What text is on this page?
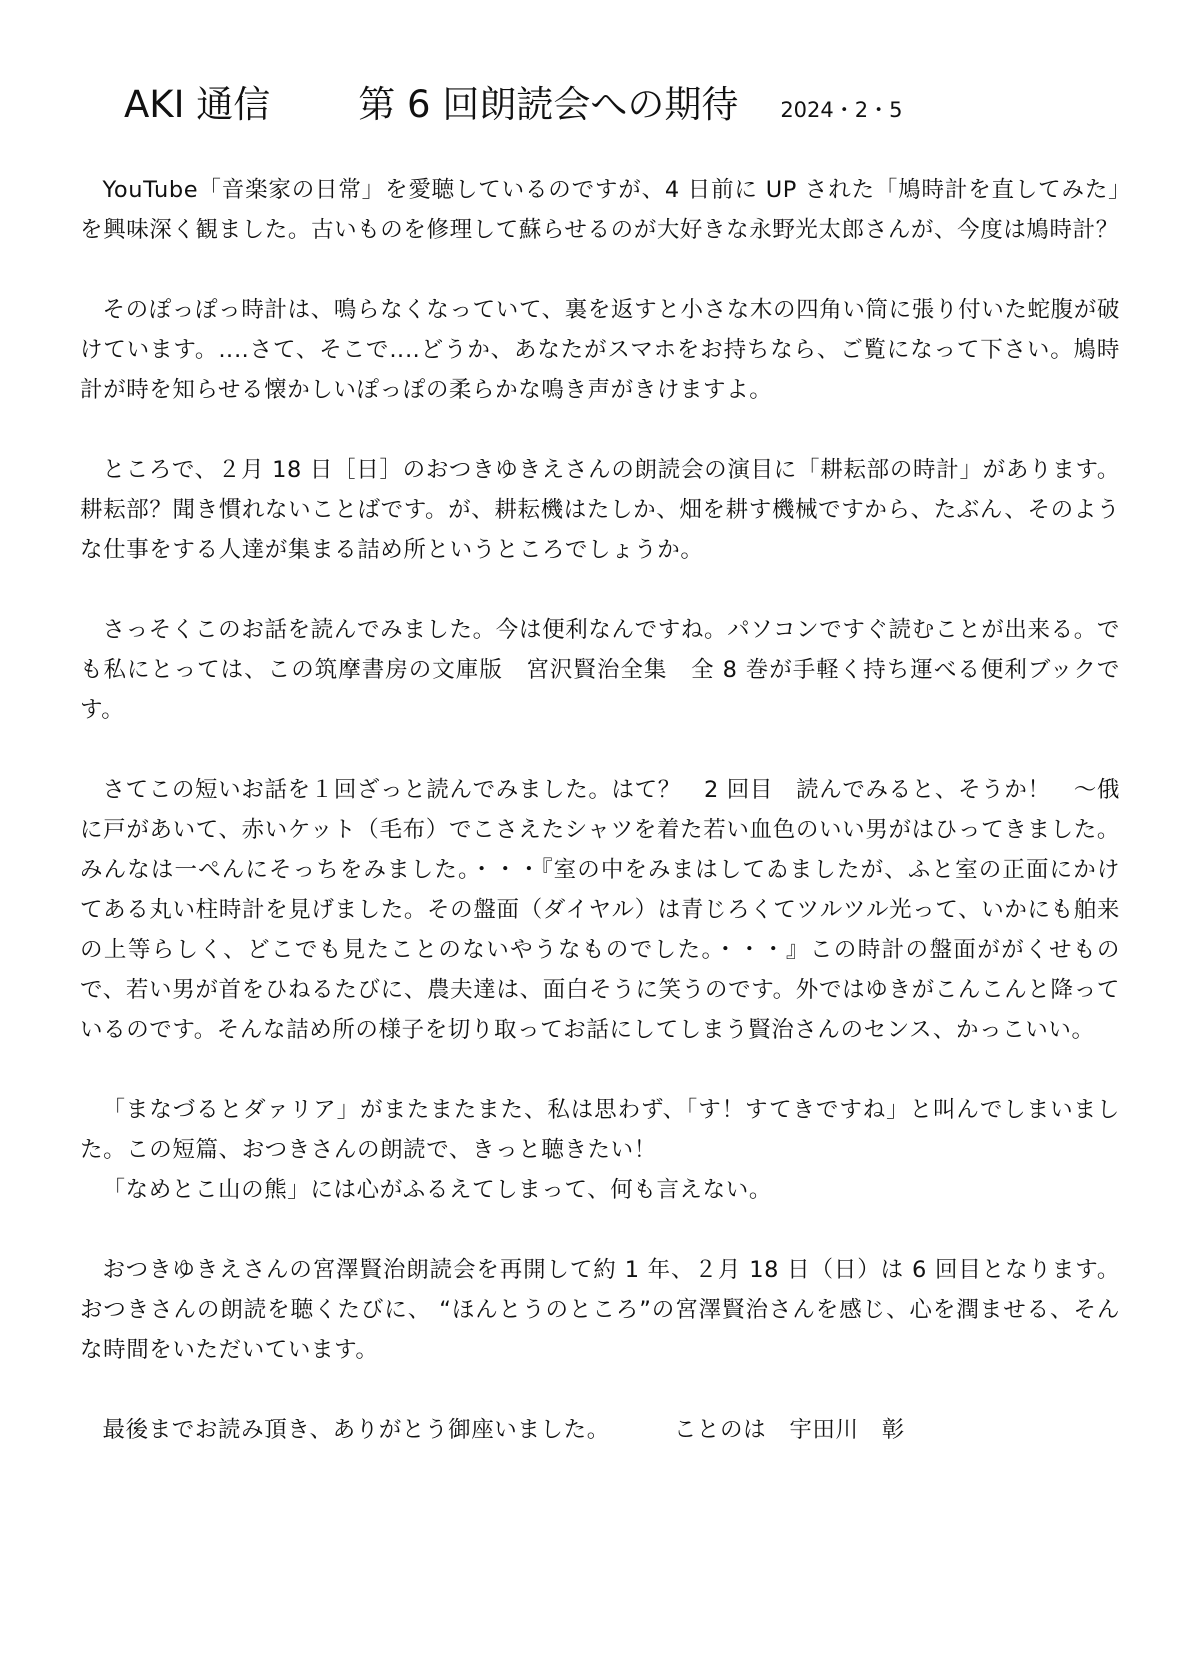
AKI 通信 第 6 回朗読会への期待 2024・2・5

YouTube「音楽家の日常」を愛聴しているのですが、4 日前に UP された「鳩時計を直してみた」を興味深く観ました。古いものを修理して蘇らせるのが大好きな永野光太郎さんが、今度は鳩時計？

そのぽっぽっ時計は、鳴らなくなっていて、裏を返すと小さな木の四角い筒に張り付いた蛇腹が破けています。‥‥さて、そこで‥‥どうか、あなたがスマホをお持ちなら、ご覧になって下さい。鳩時計が時を知らせる懐かしいぽっぽの柔らかな鳴き声がきけますよ。

ところで、２月 18 日［日］のおつきゆきえさんの朗読会の演目に「耕耘部の時計」があります。耕耘部？聞き慣れないことばです。が、耕耘機はたしか、畑を耕す機械ですから、たぶん、そのような仕事をする人達が集まる詰め所というところでしょうか。

さっそくこのお話を読んでみました。今は便利なんですね。パソコンですぐ読むことが出来る。でも私にとっては、この筑摩書房の文庫版　宮沢賢治全集　全 8 巻が手軽く持ち運べる便利ブックです。

さてこの短いお話を１回ざっと読んでみました。はて？　2 回目　読んでみると、そうか！　～俄に戸があいて、赤いケット（毛布）でこさえたシャツを着た若い血色のいい男がはひってきました。みんなは一ぺんにそっちをみました。・・・『室の中をみまはしてゐましたが、ふと室の正面にかけてある丸い柱時計を見げました。その盤面（ダイヤル）は青じろくてツルツル光って、いかにも舶来の上等らしく、どこでも見たことのないやうなものでした。・・・』この時計の盤面ががくせもので、若い男が首をひねるたびに、農夫達は、面白そうに笑うのです。外ではゆきがこんこんと降っているのです。そんな詰め所の様子を切り取ってお話にしてしまう賢治さんのセンス、かっこいい。

「まなづるとダァリア」がまたまたまた、私は思わず、「す！すてきですね」と叫んでしまいました。この短篇、おつきさんの朗読で、きっと聴きたい！

「なめとこ山の熊」には心がふるえてしまって、何も言えない。

おつきゆきえさんの宮澤賢治朗読会を再開して約 1 年、２月 18 日（日）は 6 回目となります。おつきさんの朗読を聴くたびに、 “ほんとうのところ”の宮澤賢治さんを感じ、心を潤ませる、そんな時間をいただいています。

最後までお読み頂き、ありがとう御座いました。	ことのは　宇田川　彰
